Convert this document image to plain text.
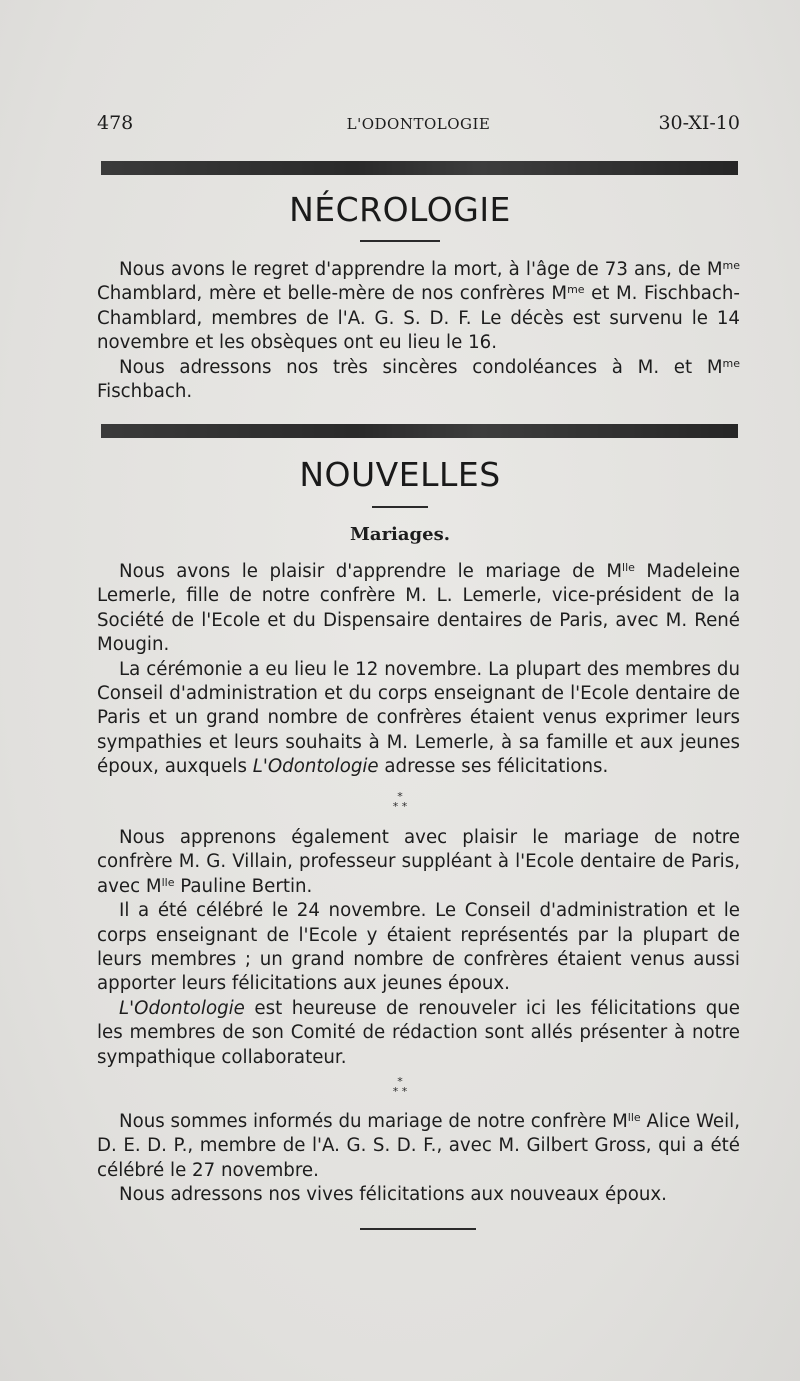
478	L'ODONTOLOGIE	30-XI-10
NÉCROLOGIE

Nous avons le regret d'apprendre la mort, à l'âge de 73 ans, de $M^{me}$ Chamblard, mère et belle-mère de nos confrères $M^{me}$ et M. Fischbach-Chamblard, membres de l'A. G. S. D. F. Le décès est survenu le 14 novembre et les obsèques ont eu lieu le 16.

Nous adressons nos très sincères condoléances à M. et $M^{me}$ Fischbach.

NOUVELLES
Mariages.

Nous avons le plaisir d'apprendre le mariage de $M^{lle}$ Madeleine Lemerle, fille de notre confrère M. L. Lemerle, vice-président de la Société de l'Ecole et du Dispensaire dentaires de Paris, avec M. René Mougin.

La cérémonie a eu lieu le 12 novembre. La plupart des membres du Conseil d'administration et du corps enseignant de l'Ecole dentaire de Paris et un grand nombre de confrères étaient venus exprimer leurs sympathies et leurs souhaits à M. Lemerle, à sa famille et aux jeunes époux, auxquels L'Odontologie adresse ses félicitations.

*
* *

Nous apprenons également avec plaisir le mariage de notre confrère M. G. Villain, professeur suppléant à l'Ecole dentaire de Paris, avec $M^{lle}$ Pauline Bertin.

Il a été célébré le 24 novembre. Le Conseil d'administration et le corps enseignant de l'Ecole y étaient représentés par la plupart de leurs membres ; un grand nombre de confrères étaient venus aussi apporter leurs félicitations aux jeunes époux.

L'Odontologie est heureuse de renouveler ici les félicitations que les membres de son Comité de rédaction sont allés présenter à notre sympathique collaborateur.

*
* *

Nous sommes informés du mariage de notre confrère $M^{lle}$ Alice Weil, D. E. D. P., membre de l'A. G. S. D. F., avec M. Gilbert Gross, qui a été célébré le 27 novembre.

Nous adressons nos vives félicitations aux nouveaux époux.
